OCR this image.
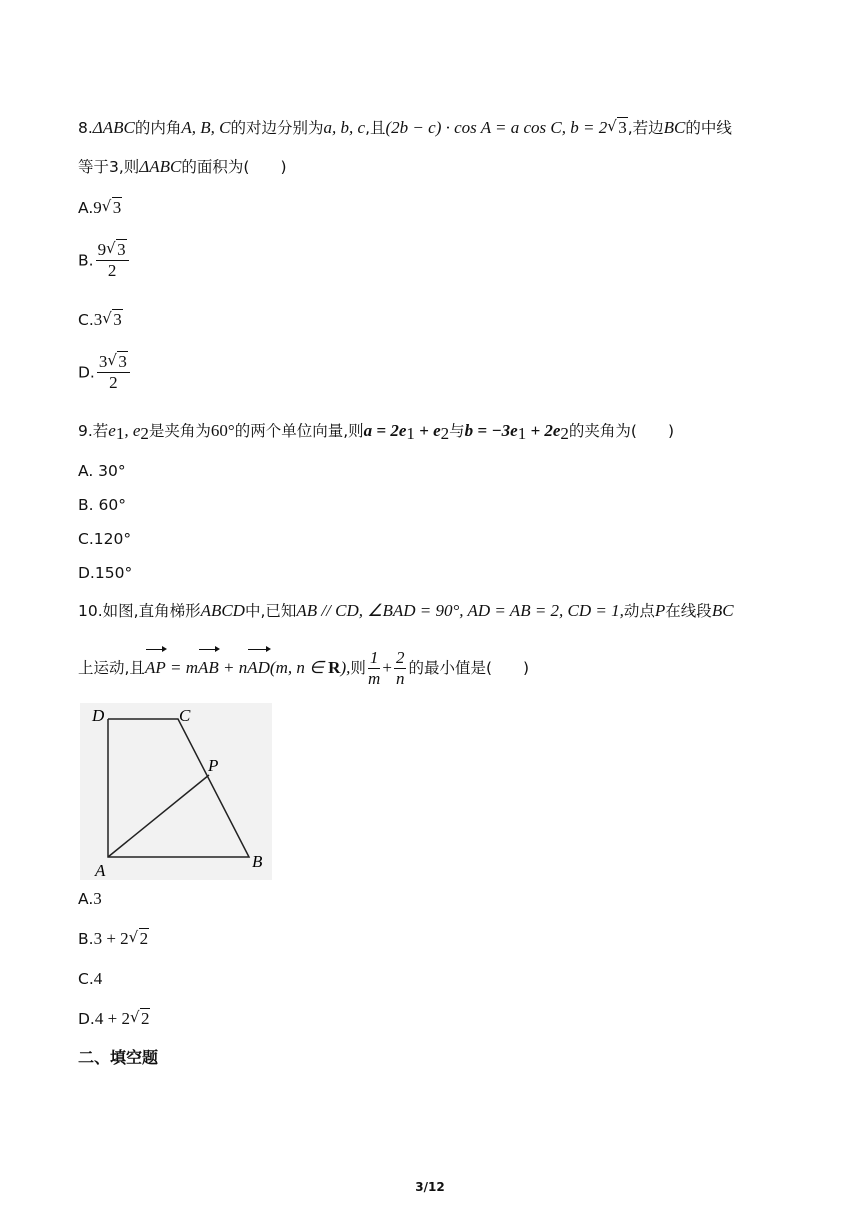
8.ΔABC的内角A, B, C的对边分别为a, b, c,且(2b − c) · cos A = a cos C, b = 2 √ 3,若边BC的中线
等于3,则ΔABC的面积为(　　)
A.9 √ 3
B. $\frac{9 √ 3}{2}$
C.3 √ 3
D. $\frac{3 √ 3}{2}$
9.若$e_1$, $e_2$是夹角为60°的两个单位向量,则$a = 2e_1 + e_2$与$b = -3e_1 + 2e_2$的夹角为(　　)
A. 30°
B. 60°
C.120°
D.150°
10.如图,直角梯形ABCD中,已知AB // CD, ∠BAD = 90°, AD = AB = 2, CD = 1,动点P在线段BC
上运动,且AP = mAB + nAD(m, n ∈ R),则 $\frac{1}{m} + \frac{2}{n}$ 的最小值是(　　)
D	C
P
A	B
A.3
B.3 + 2 √ 2
C.4
D.4 + 2 √ 2
二、填空题
3/12
